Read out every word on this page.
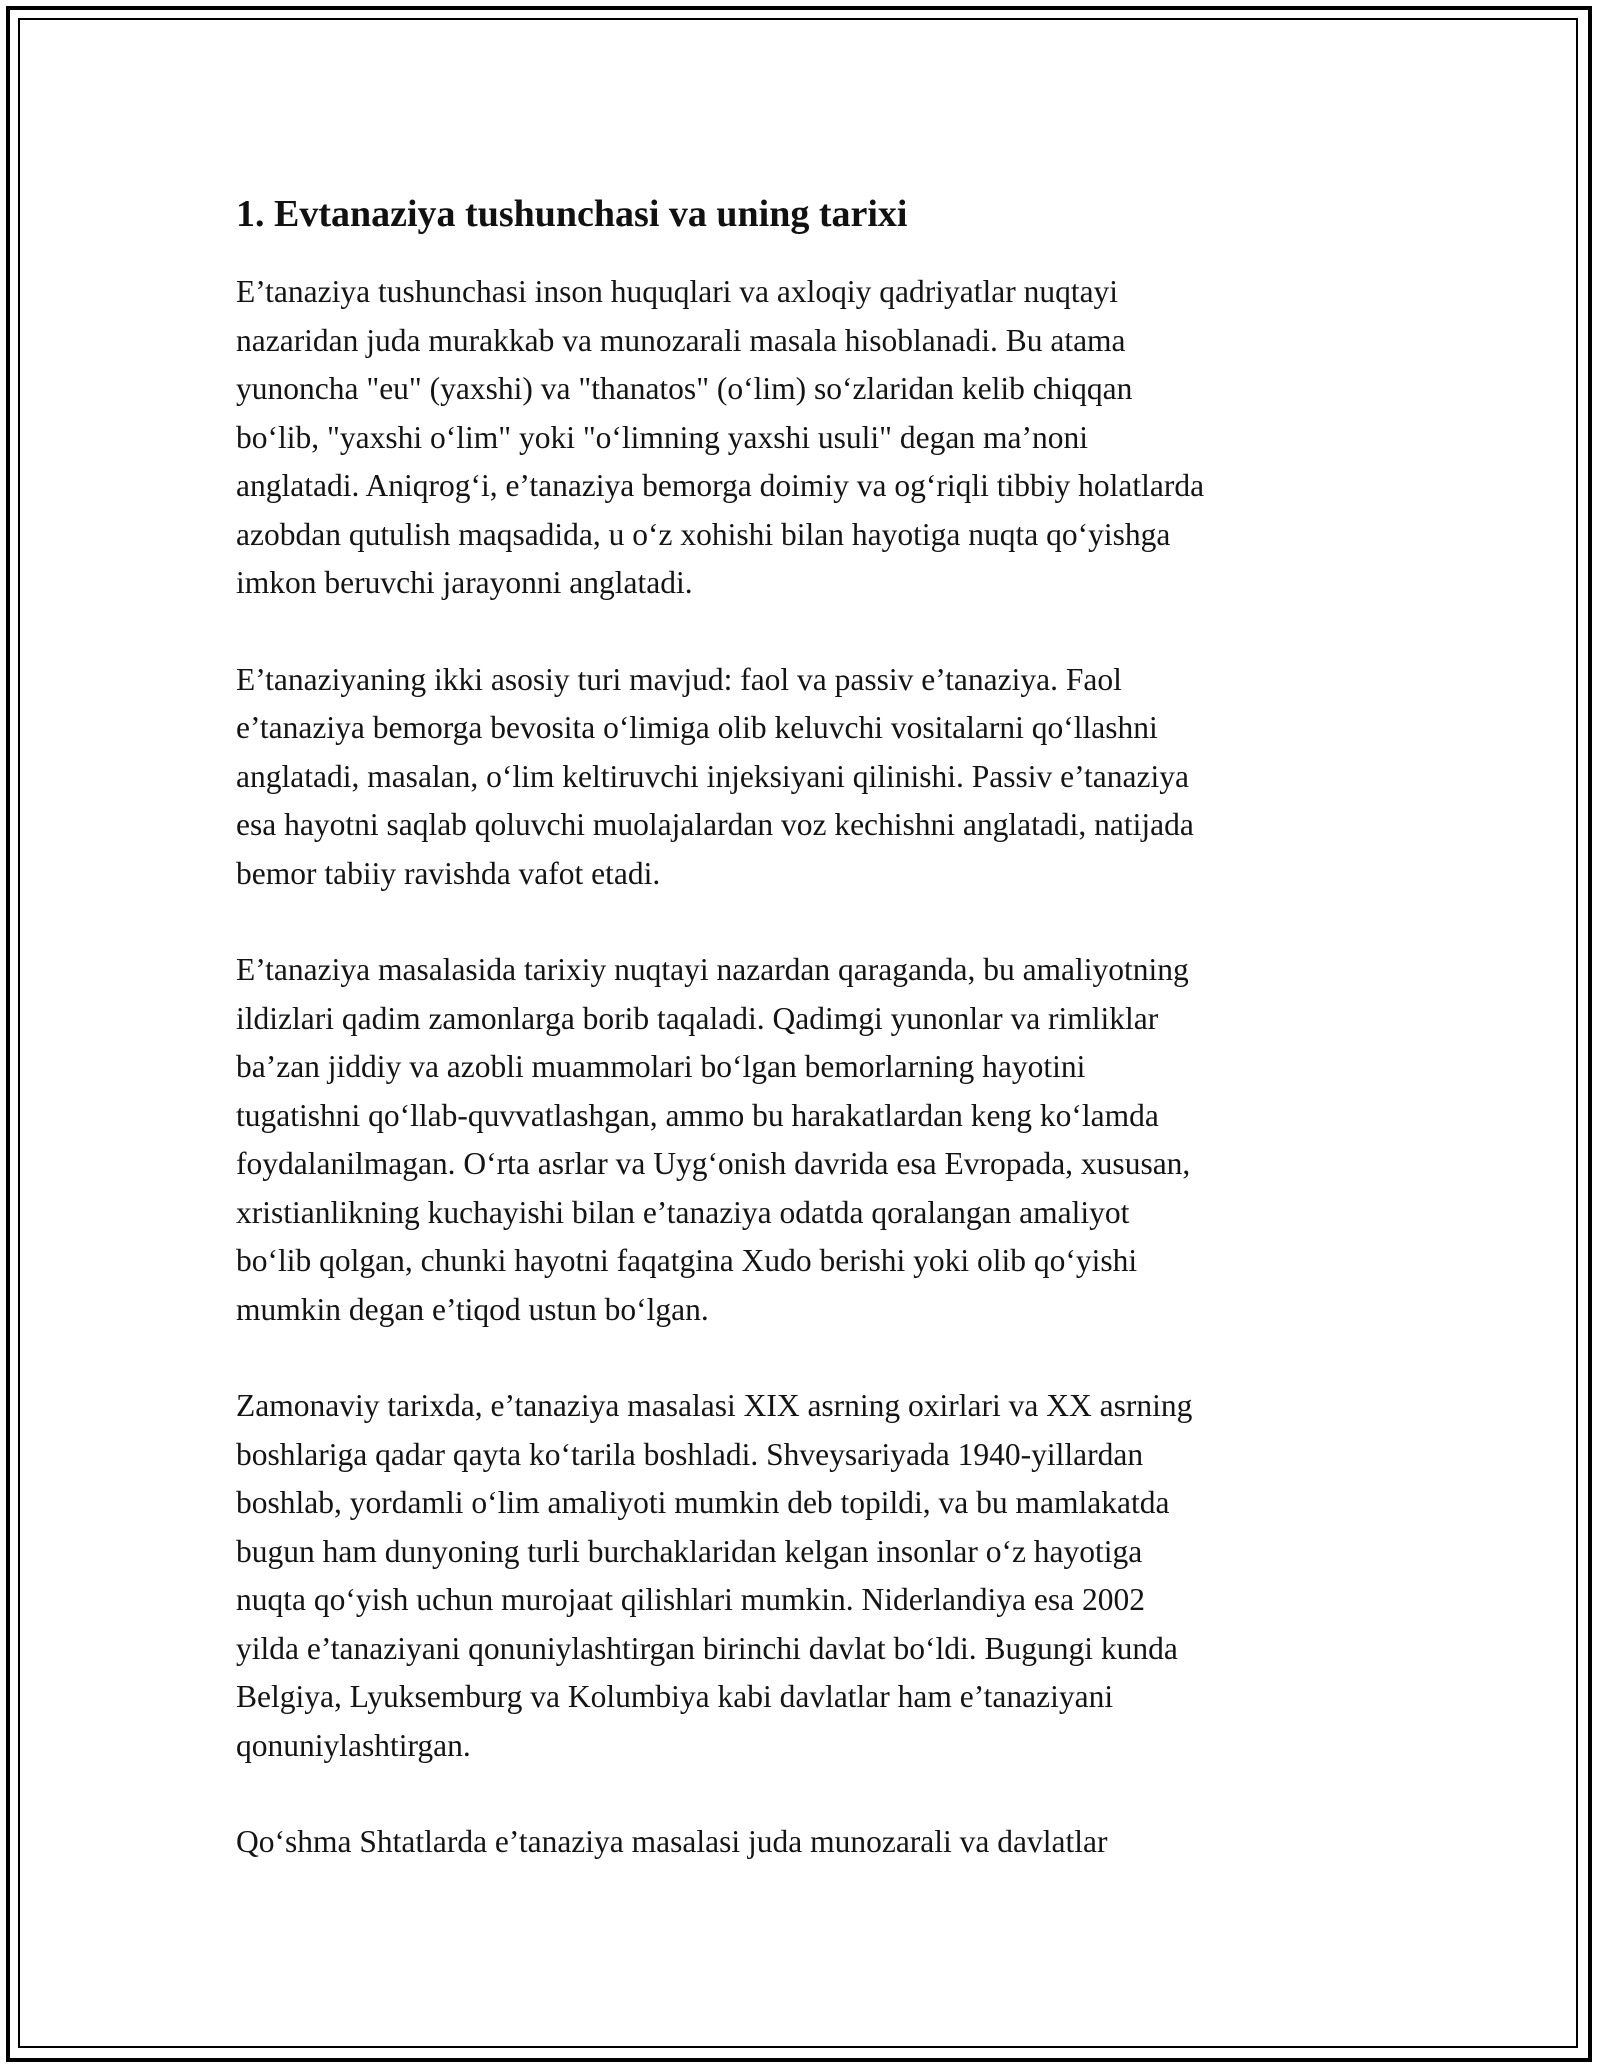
1. Evtanaziya tushunchasi va uning tarixi

E’tanaziya tushunchasi inson huquqlari va axloqiy qadriyatlar nuqtayi
nazaridan juda murakkab va munozarali masala hisoblanadi. Bu atama
yunoncha "eu" (yaxshi) va "thanatos" (o‘lim) so‘zlaridan kelib chiqqan
bo‘lib, "yaxshi o‘lim" yoki "o‘limning yaxshi usuli" degan ma’noni
anglatadi. Aniqrog‘i, e’tanaziya bemorga doimiy va og‘riqli tibbiy holatlarda
azobdan qutulish maqsadida, u o‘z xohishi bilan hayotiga nuqta qo‘yishga
imkon beruvchi jarayonni anglatadi.

E’tanaziyaning ikki asosiy turi mavjud: faol va passiv e’tanaziya. Faol
e’tanaziya bemorga bevosita o‘limiga olib keluvchi vositalarni qo‘llashni
anglatadi, masalan, o‘lim keltiruvchi injeksiyani qilinishi. Passiv e’tanaziya
esa hayotni saqlab qoluvchi muolajalardan voz kechishni anglatadi, natijada
bemor tabiiy ravishda vafot etadi.

E’tanaziya masalasida tarixiy nuqtayi nazardan qaraganda, bu amaliyotning
ildizlari qadim zamonlarga borib taqaladi. Qadimgi yunonlar va rimliklar
ba’zan jiddiy va azobli muammolari bo‘lgan bemorlarning hayotini
tugatishni qo‘llab-quvvatlashgan, ammo bu harakatlardan keng ko‘lamda
foydalanilmagan. O‘rta asrlar va Uyg‘onish davrida esa Evropada, xususan,
xristianlikning kuchayishi bilan e’tanaziya odatda qoralangan amaliyot
bo‘lib qolgan, chunki hayotni faqatgina Xudo berishi yoki olib qo‘yishi
mumkin degan e’tiqod ustun bo‘lgan.

Zamonaviy tarixda, e’tanaziya masalasi XIX asrning oxirlari va XX asrning
boshlariga qadar qayta ko‘tarila boshladi. Shveysariyada 1940-yillardan
boshlab, yordamli o‘lim amaliyoti mumkin deb topildi, va bu mamlakatda
bugun ham dunyoning turli burchaklaridan kelgan insonlar o‘z hayotiga
nuqta qo‘yish uchun murojaat qilishlari mumkin. Niderlandiya esa 2002
yilda e’tanaziyani qonuniylashtirgan birinchi davlat bo‘ldi. Bugungi kunda
Belgiya, Lyuksemburg va Kolumbiya kabi davlatlar ham e’tanaziyani
qonuniylashtirgan.

Qo‘shma Shtatlarda e’tanaziya masalasi juda munozarali va davlatlar
